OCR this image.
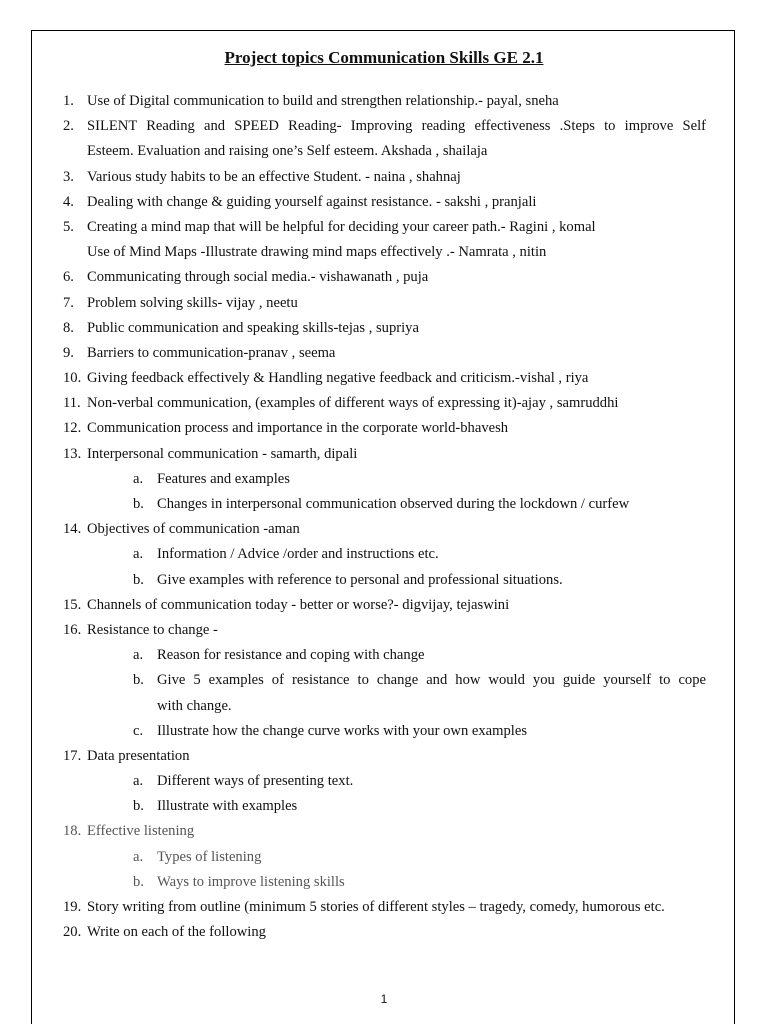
Project topics Communication Skills GE 2.1
1. Use of Digital communication to build and strengthen relationship.- payal, sneha
2. SILENT Reading and SPEED Reading- Improving reading effectiveness .Steps to improve Self
Esteem. Evaluation and raising one’s Self esteem. Akshada , shailaja
3. Various study habits to be an effective Student. - naina , shahnaj
4. Dealing with change & guiding yourself against resistance. - sakshi , pranjali
5. Creating a mind map that will be helpful for deciding your career path.- Ragini , komal
Use of Mind Maps -Illustrate drawing mind maps effectively .- Namrata , nitin
6. Communicating through social media.- vishawanath , puja
7. Problem solving skills- vijay , neetu
8. Public communication and speaking skills-tejas , supriya
9. Barriers to communication-pranav , seema
10. Giving feedback effectively & Handling negative feedback and criticism.-vishal , riya
11. Non-verbal communication, (examples of different ways of expressing it)-ajay , samruddhi
12. Communication process and importance in the corporate world-bhavesh
13. Interpersonal communication - samarth, dipali
a. Features and examples
b. Changes in interpersonal communication observed during the lockdown / curfew
14. Objectives of communication -aman
a. Information / Advice /order and instructions etc.
b. Give examples with reference to personal and professional situations.
15. Channels of communication today - better or worse?- digvijay, tejaswini
16. Resistance to change -
a. Reason for resistance and coping with change
b. Give 5 examples of resistance to change and how would you guide yourself to cope
with change.
c. Illustrate how the change curve works with your own examples
17. Data presentation
a. Different ways of presenting text.
b. Illustrate with examples
18. Effective listening
a. Types of listening
b. Ways to improve listening skills
19. Story writing from outline (minimum 5 stories of different styles – tragedy, comedy, humorous etc.
20. Write on each of the following
1
